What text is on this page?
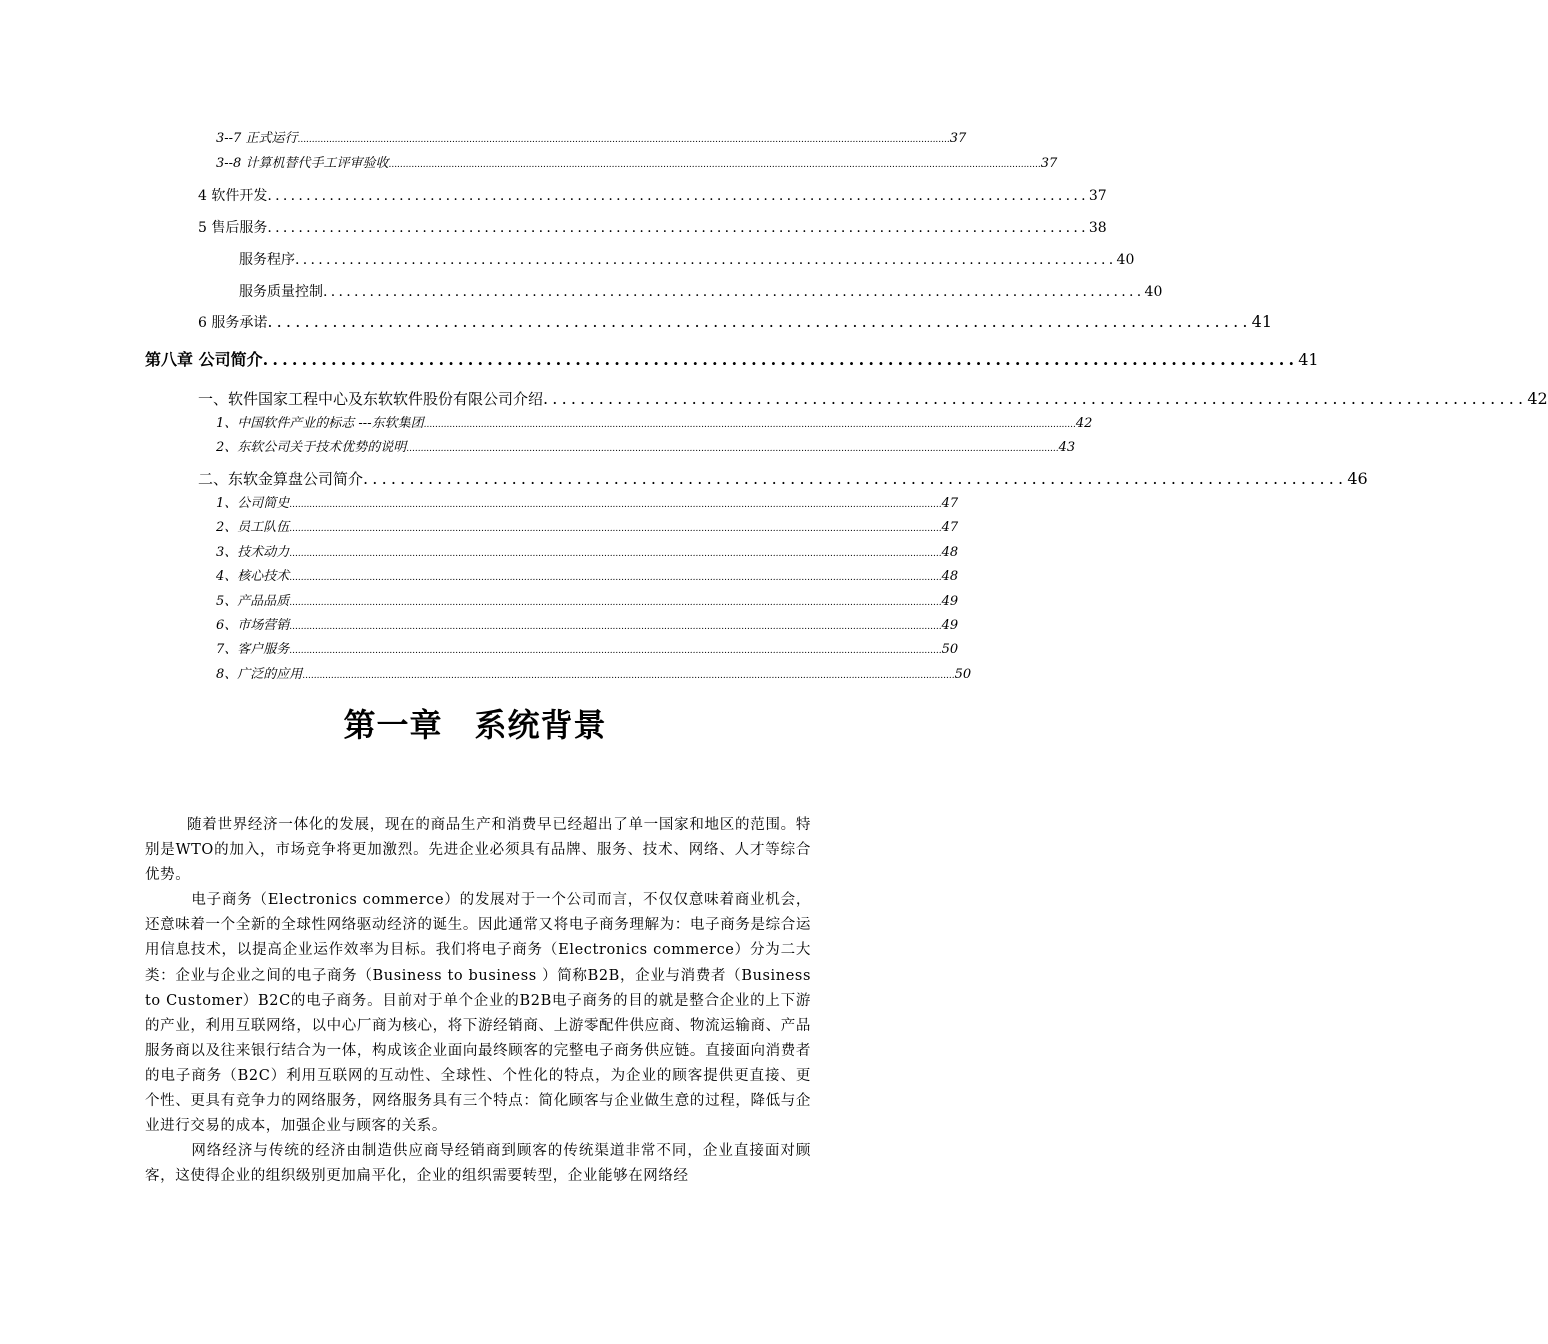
3--7 正式运行 .................................................................................................................................................................................................................................... 37
3--8 计算机替代手工评审验收 .................................................................................................................................................................................................................................... 37
4 软件开发 .......................................................................................................... 37
5 售后服务 .......................................................................................................... 38
服务程序 .......................................................................................................... 40
服务质量控制 .......................................................................................................... 40
6 服务承诺 .......................................................................................................... 41
第八章 公司简介 .......................................................................................................... 41
一、软件国家工程中心及东软软件股份有限公司介绍 .......................................................................................................... 42
1、中国软件产业的标志 ---东软集团 .................................................................................................................................................................................................................................... 42
2、东软公司关于技术优势的说明 .................................................................................................................................................................................................................................... 43
二、东软金算盘公司简介 .......................................................................................................... 46
1、公司简史 .................................................................................................................................................................................................................................... 47
2、员工队伍 .................................................................................................................................................................................................................................... 47
3、技术动力 .................................................................................................................................................................................................................................... 48
4、核心技术 .................................................................................................................................................................................................................................... 48
5、产品品质 .................................................................................................................................................................................................................................... 49
6、市场营销 .................................................................................................................................................................................................................................... 49
7、客户服务 .................................................................................................................................................................................................................................... 50
8、广泛的应用 .................................................................................................................................................................................................................................... 50
第一章 系统背景

随着世界经济一体化的发展，现在的商品生产和消费早已经超出了单一国家和地区的范围。特别是WTO的加入，市场竞争将更加激烈。先进企业必须具有品牌、服务、技术、网络、人才等综合优势。

电子商务（Electronics commerce）的发展对于一个公司而言，不仅仅意味着商业机会，还意味着一个全新的全球性网络驱动经济的诞生。因此通常又将电子商务理解为：电子商务是综合运用信息技术，以提高企业运作效率为目标。我们将电子商务（Electronics commerce）分为二大类：企业与企业之间的电子商务（Business to business ）简称B2B，企业与消费者（Business to Customer）B2C的电子商务。目前对于单个企业的B2B电子商务的目的就是整合企业的上下游的产业，利用互联网络，以中心厂商为核心，将下游经销商、上游零配件供应商、物流运输商、产品服务商以及往来银行结合为一体，构成该企业面向最终顾客的完整电子商务供应链。直接面向消费者的电子商务（B2C）利用互联网的互动性、全球性、个性化的特点，为企业的顾客提供更直接、更个性、更具有竞争力的网络服务，网络服务具有三个特点：简化顾客与企业做生意的过程，降低与企业进行交易的成本，加强企业与顾客的关系。

网络经济与传统的经济由制造供应商导经销商到顾客的传统渠道非常不同，企业直接面对顾客，这使得企业的组织级别更加扁平化，企业的组织需要转型，企业能够在网络经
